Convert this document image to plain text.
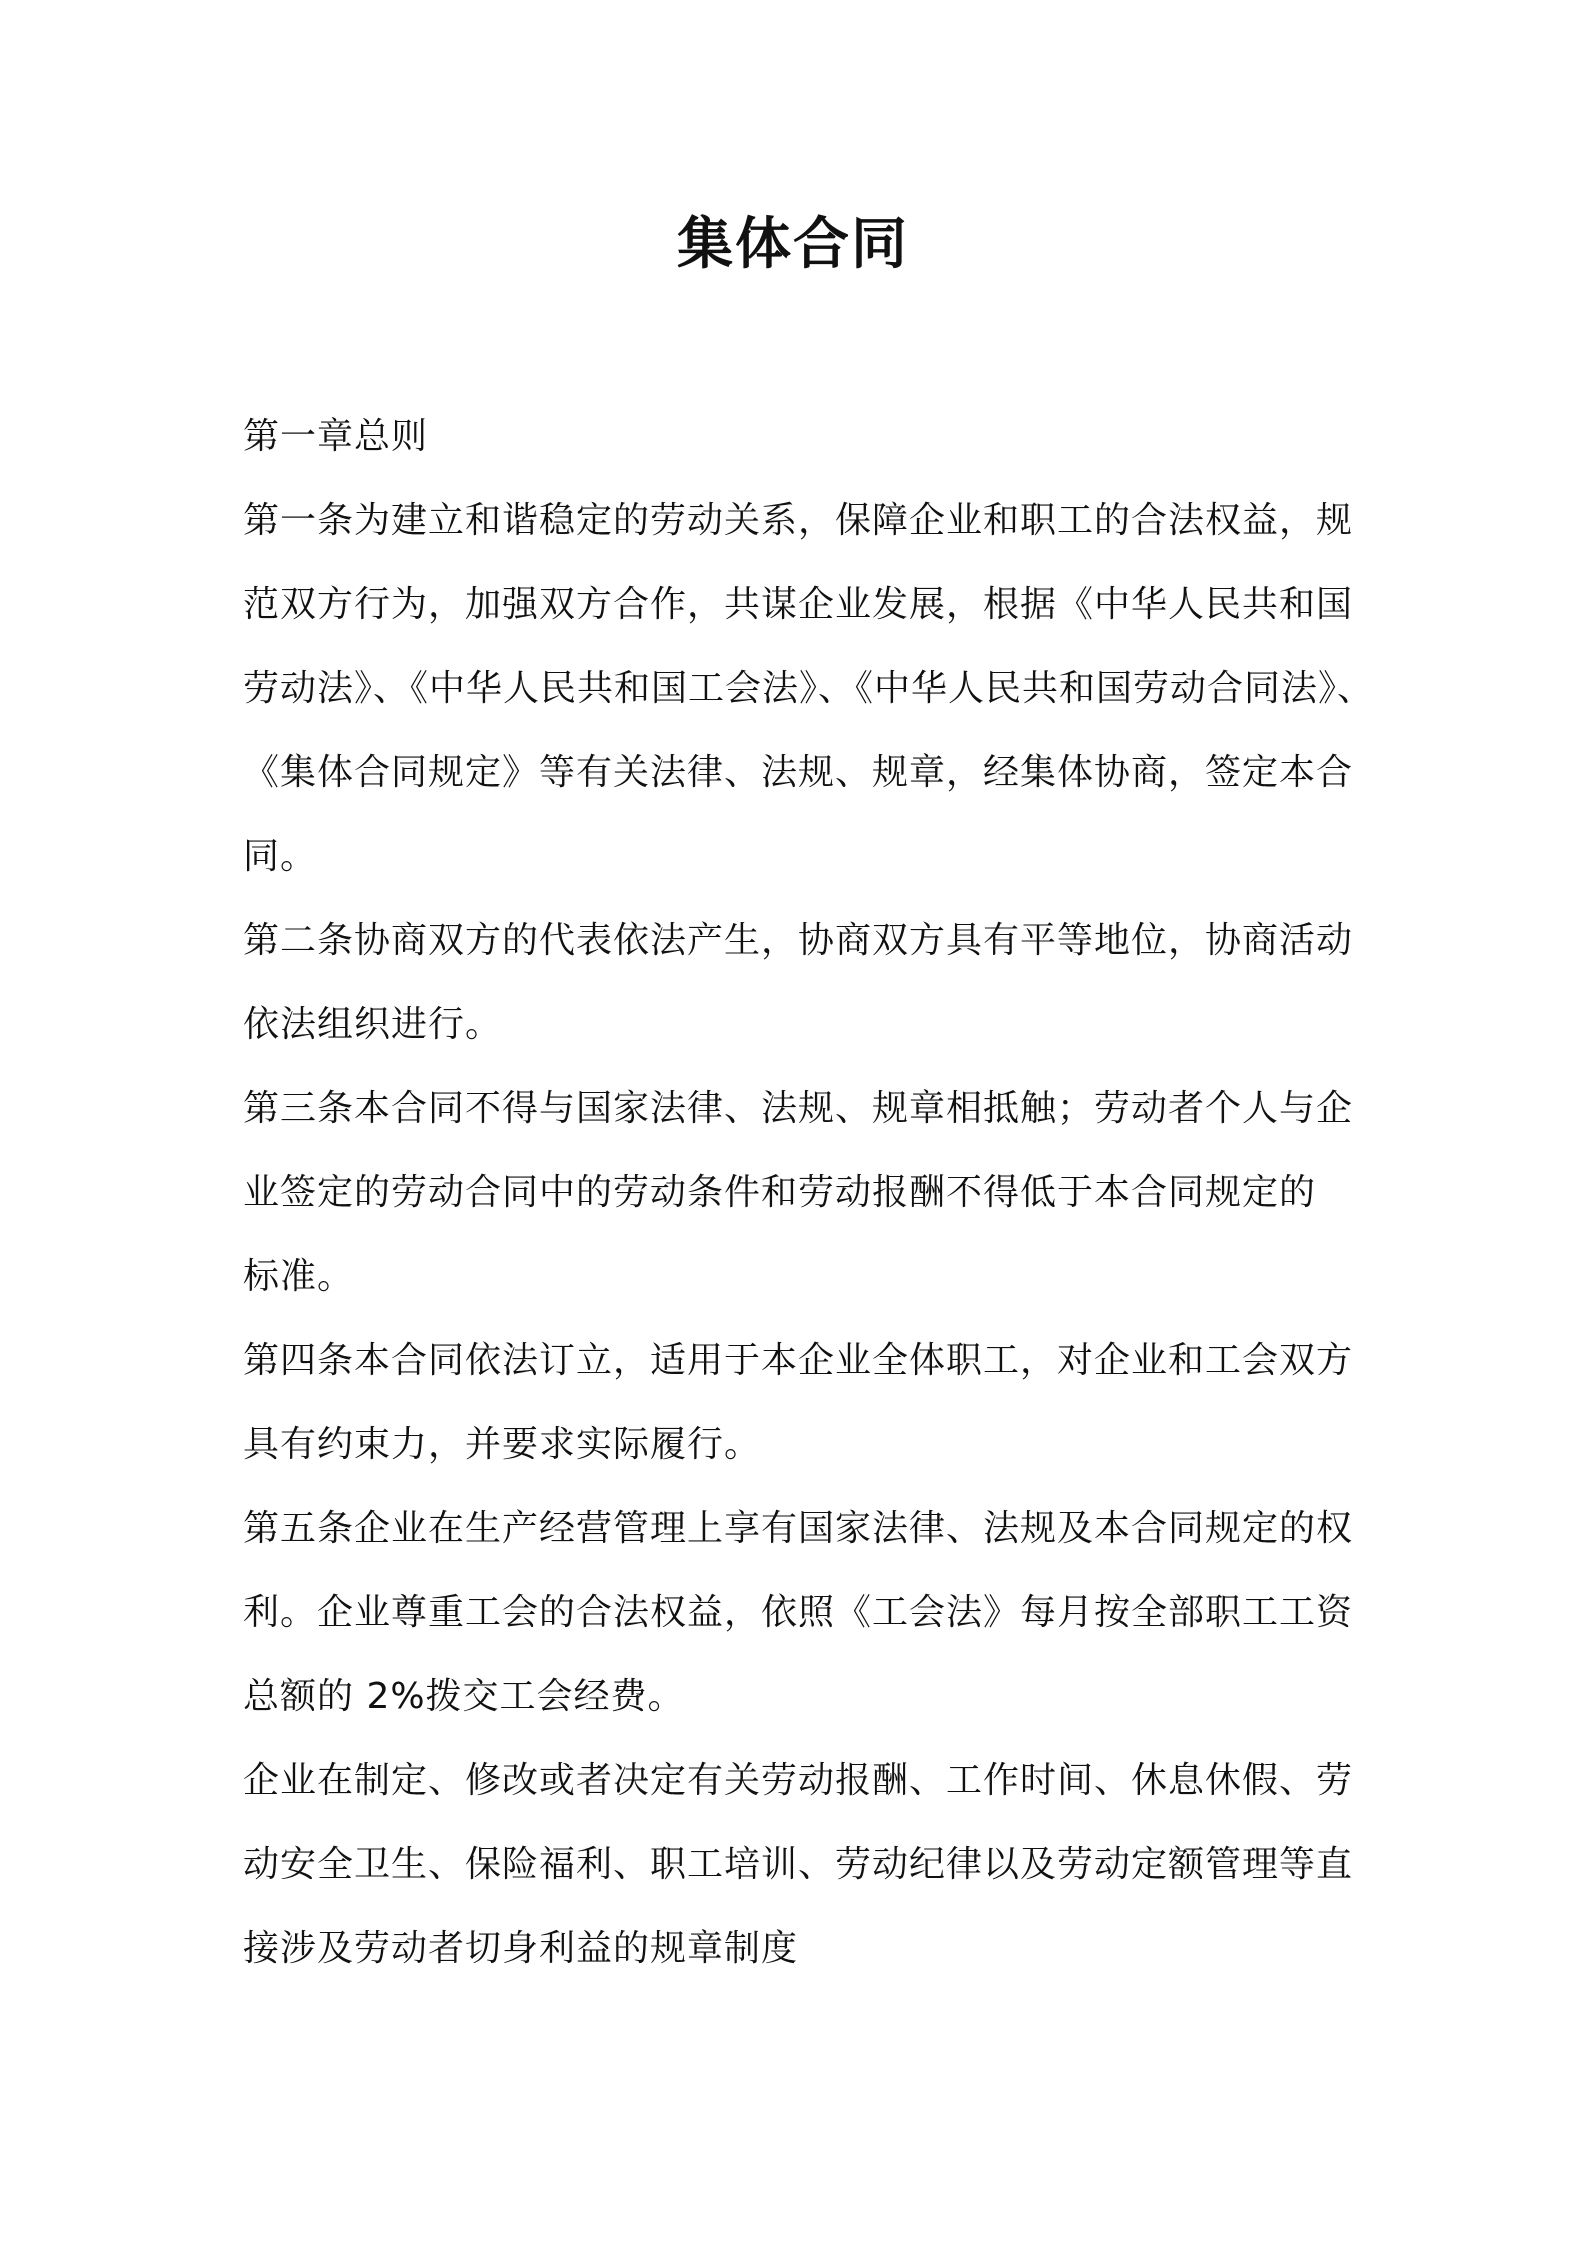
集体合同

第一章总则

第一条为建立和谐稳定的劳动关系，保障企业和职工的合法权益，规
范双方行为，加强双方合作，共谋企业发展，根据《中华人民共和国
劳动法》、《中华人民共和国工会法》、《中华人民共和国劳动合同法》、
《集体合同规定》等有关法律、法规、规章，经集体协商，签定本合
同。

第二条协商双方的代表依法产生，协商双方具有平等地位，协商活动
依法组织进行。

第三条本合同不得与国家法律、法规、规章相抵触；劳动者个人与企
业签定的劳动合同中的劳动条件和劳动报酬不得低于本合同规定的
标准。

第四条本合同依法订立，适用于本企业全体职工，对企业和工会双方
具有约束力，并要求实际履行。

第五条企业在生产经营管理上享有国家法律、法规及本合同规定的权
利。企业尊重工会的合法权益，依照《工会法》每月按全部职工工资
总额的 2%拨交工会经费。

企业在制定、修改或者决定有关劳动报酬、工作时间、休息休假、劳
动安全卫生、保险福利、职工培训、劳动纪律以及劳动定额管理等直
接涉及劳动者切身利益的规章制度
